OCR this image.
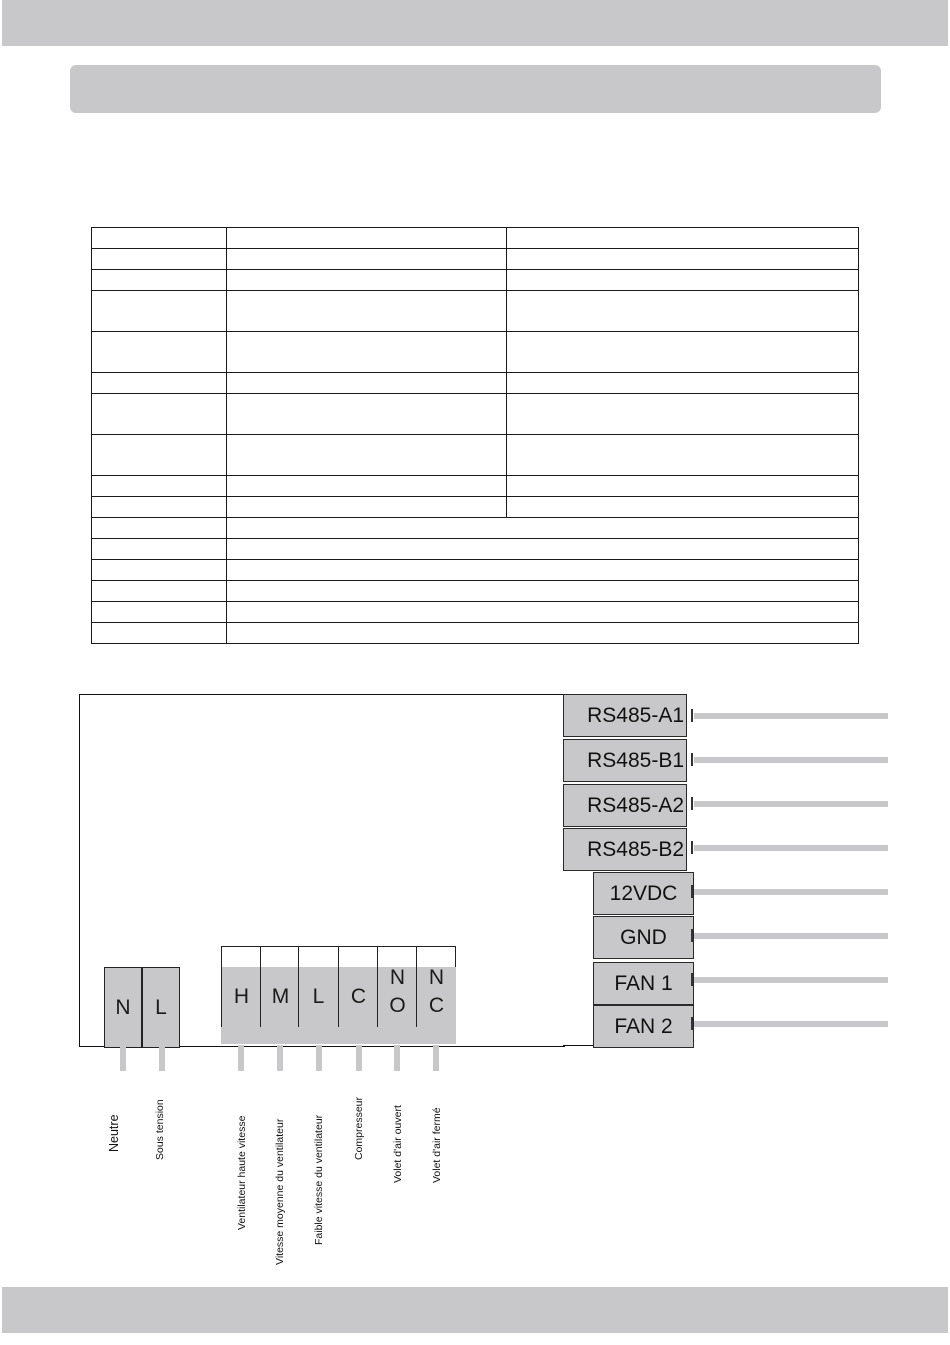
RS485-A1
RS485-B1
RS485-A2
RS485-B2
12VDC
GND
FAN 1
FAN 2
N	L	H	M	L	C
N
O
N
C
Neutre	Sous tension	Ventilateur haute vitesse Vitesse moyenne du ventilateur	Faible vitesse du ventilateur	Compresseur	Volet d'air ouvert	Volet d'air fermé
